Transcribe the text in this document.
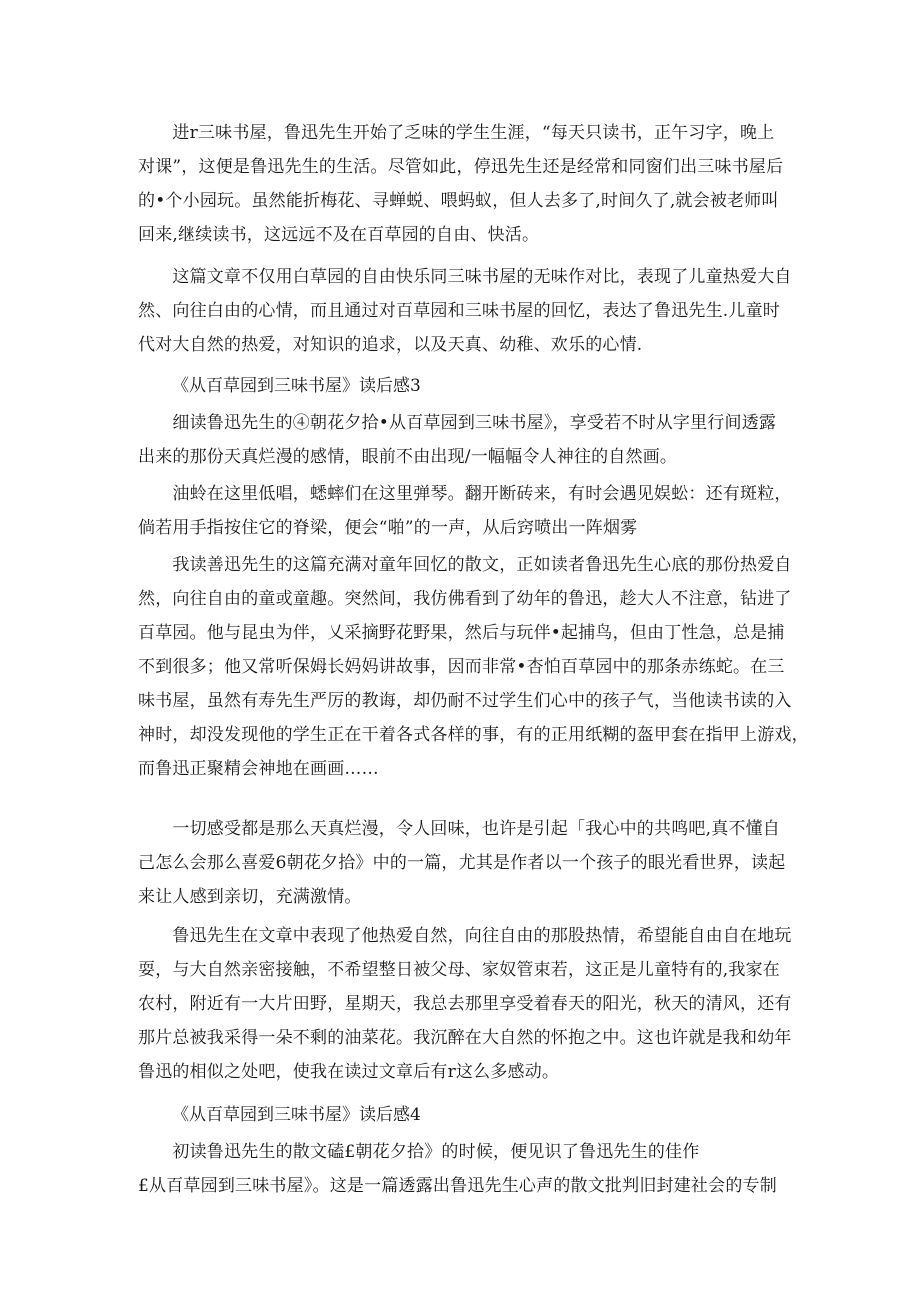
　　进r三味书屋，鲁迅先生开始了乏味的学生生涯，“每天只读书，正午习字，晚上
对课”，这便是鲁迅先生的生活。尽管如此，停迅先生还是经常和同窗们出三味书屋后
的•个小园玩。虽然能折梅花、寻蝉蜕、喂蚂蚁，但人去多了,时间久了,就会被老师叫
回来,继续读书，这远远不及在百草园的自由、快活。
　　这篇文章不仅用白草园的自由快乐同三味书屋的无味作对比，表现了儿童热爱大自
然、向往白由的心情，而且通过对百草园和三味书屋的回忆，表达了鲁迅先生.儿童时
代对大自然的热爱，对知识的追求，以及天真、幼稚、欢乐的心情.
《从百草园到三味书屋》读后感3
　　细读鲁迅先生的④朝花夕拾•从百草园到三味书屋》，享受若不时从字里行间透露
出来的那份天真烂漫的感情，眼前不由出现/一幅幅令人神往的自然画。
　　油蛉在这里低唱，蟋蟀们在这里弹琴。翻开断砖来，有时会遇见娱蚣：还有斑粒，
倘若用手指按住它的脊梁，便会“啪”的一声，从后窍喷出一阵烟雾
　　我读善迅先生的这篇充满对童年回忆的散文，正如读者鲁迅先生心底的那份热爱自
然，向往自由的童或童趣。突然间，我仿佛看到了幼年的鲁迅，趁大人不注意，钻进了
百草园。他与昆虫为伴，乂采摘野花野果，然后与玩伴•起捕鸟，但由丁性急，总是捕
不到很多；他又常听保姆长妈妈讲故事，因而非常•杏怕百草园中的那条赤练蛇。在三
味书屋，虽然有寿先生严厉的教诲，却仍耐不过学生们心中的孩子气，当他读书读的入
神时，却没发现他的学生正在干着各式各样的事，有的正用纸糊的盔甲套在指甲上游戏，
而鲁迅正聚精会神地在画画……
　　一切感受都是那么天真烂漫，令人回味，也许是引起「我心中的共鸣吧,真不懂自
己怎么会那么喜爱6朝花夕拾》中的一篇，尤其是作者以一个孩子的眼光看世界，读起
来让人感到亲切，充满激情。
　　鲁迅先生在文章中表现了他热爱自然，向往自由的那股热情，希望能自由自在地玩
耍，与大自然亲密接触，不希望整日被父母、家奴管束若，这正是儿童特有的,我家在
农村，附近有一大片田野，星期天，我总去那里享受着春天的阳光，秋天的清风，还有
那片总被我采得一朵不剩的油菜花。我沉醉在大自然的怀抱之中。这也许就是我和幼年
鲁迅的相似之处吧，使我在读过文章后有r这么多感动。
《从百草园到三味书屋》读后感4
　　初读鲁迅先生的散文磕£朝花夕拾》的时候，便见识了鲁迅先生的佳作
£从百草园到三味书屋》。这是一篇透露出鲁迅先生心声的散文批判旧封建社会的专制
